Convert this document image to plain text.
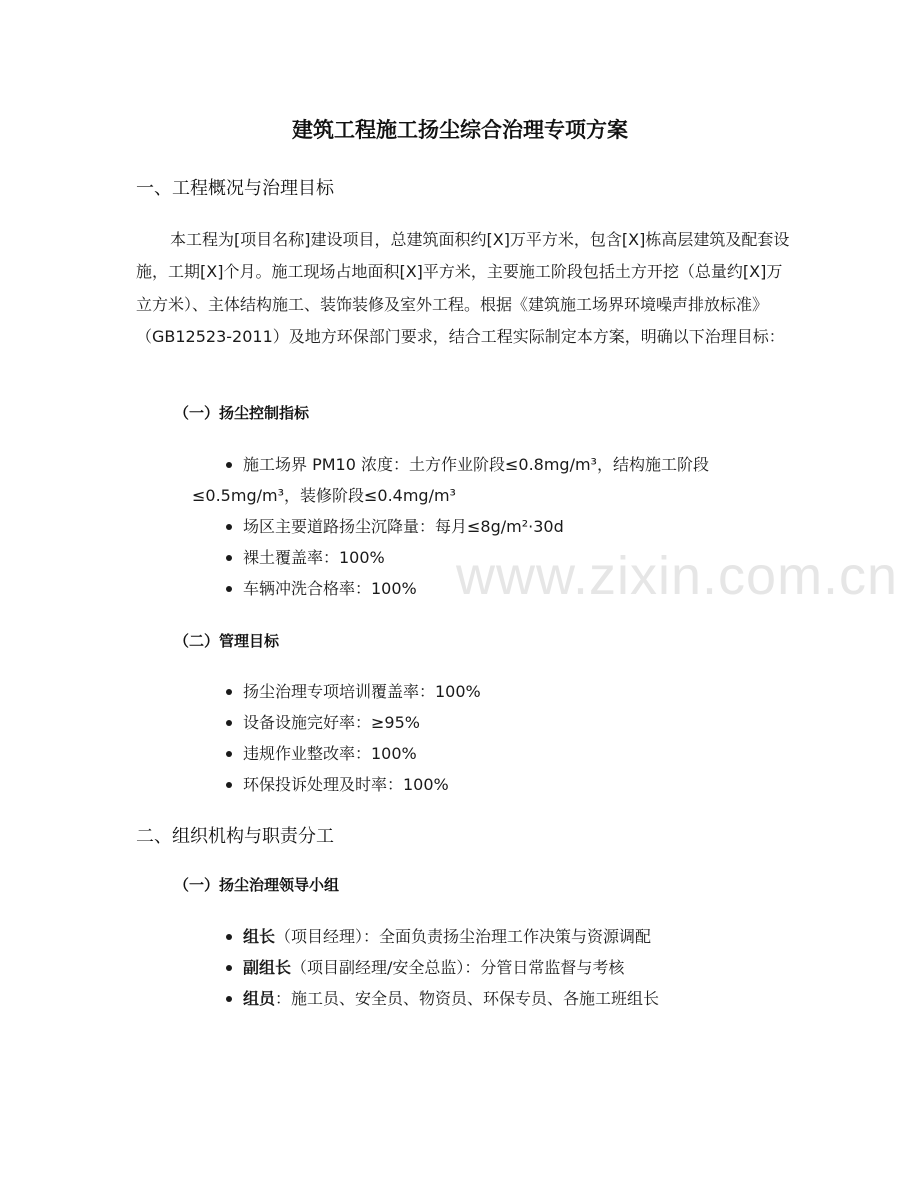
www.zixin.com.cn
建筑工程施工扬尘综合治理专项方案
一、工程概况与治理目标

本工程为[项目名称]建设项目，总建筑面积约[X]万平方米，包含[X]栋高层建筑及配套设施，工期[X]个月。施工现场占地面积[X]平方米，主要施工阶段包括土方开挖（总量约[X]万立方米）、主体结构施工、装饰装修及室外工程。根据《建筑施工场界环境噪声排放标准》（GB12523-2011）及地方环保部门要求，结合工程实际制定本方案，明确以下治理目标：

（一）扬尘控制指标
施工场界 PM10 浓度：土方作业阶段≤0.8mg/m³，结构施工阶段
≤0.5mg/m³，装修阶段≤0.4mg/m³
场区主要道路扬尘沉降量：每月≤8g/m²·30d
裸土覆盖率：100%
车辆冲洗合格率：100%
（二）管理目标
扬尘治理专项培训覆盖率：100%
设备设施完好率：≥95%
违规作业整改率：100%
环保投诉处理及时率：100%
二、组织机构与职责分工
（一）扬尘治理领导小组
组长（项目经理）：全面负责扬尘治理工作决策与资源调配
副组长（项目副经理/安全总监）：分管日常监督与考核
组员：施工员、安全员、物资员、环保专员、各施工班组长
